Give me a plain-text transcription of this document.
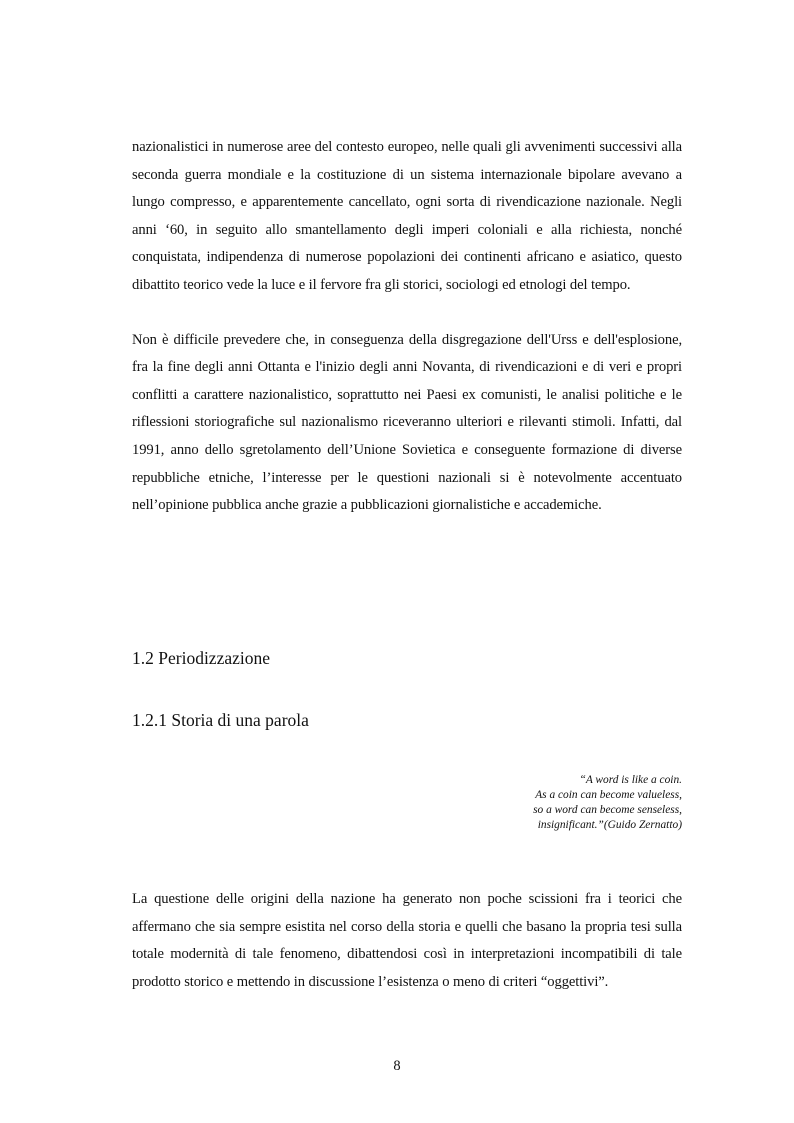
nazionalistici in numerose aree del contesto europeo, nelle quali gli avvenimenti successivi alla seconda guerra mondiale e la costituzione di un sistema internazionale bipolare avevano a lungo compresso, e apparentemente cancellato, ogni sorta di rivendicazione nazionale. Negli anni ‘60, in seguito allo smantellamento degli imperi coloniali e alla richiesta, nonché conquistata, indipendenza di numerose popolazioni dei continenti africano e asiatico, questo dibattito teorico vede la luce e il fervore fra gli storici, sociologi ed etnologi del tempo.

Non è difficile prevedere che, in conseguenza della disgregazione dell'Urss e dell'esplosione, fra la fine degli anni Ottanta e l'inizio degli anni Novanta, di rivendicazioni e di veri e propri conflitti a carattere nazionalistico, soprattutto nei Paesi ex comunisti, le analisi politiche e le riflessioni storiografiche sul nazionalismo riceveranno ulteriori e rilevanti stimoli. Infatti, dal 1991, anno dello sgretolamento dell’Unione Sovietica e conseguente formazione di diverse repubbliche etniche, l’interesse per le questioni nazionali si è notevolmente accentuato nell’opinione pubblica anche grazie a pubblicazioni giornalistiche e accademiche.

1.2 Periodizzazione
1.2.1 Storia di una parola
“A word is like a coin.
As a coin can become valueless,
so a word can become senseless,
insignificant.”(Guido Zernatto)

La questione delle origini della nazione ha generato non poche scissioni fra i teorici che affermano che sia sempre esistita nel corso della storia e quelli che basano la propria tesi sulla totale modernità di tale fenomeno, dibattendosi così in interpretazioni incompatibili di tale prodotto storico e mettendo in discussione l’esistenza o meno di criteri “oggettivi”.

8
